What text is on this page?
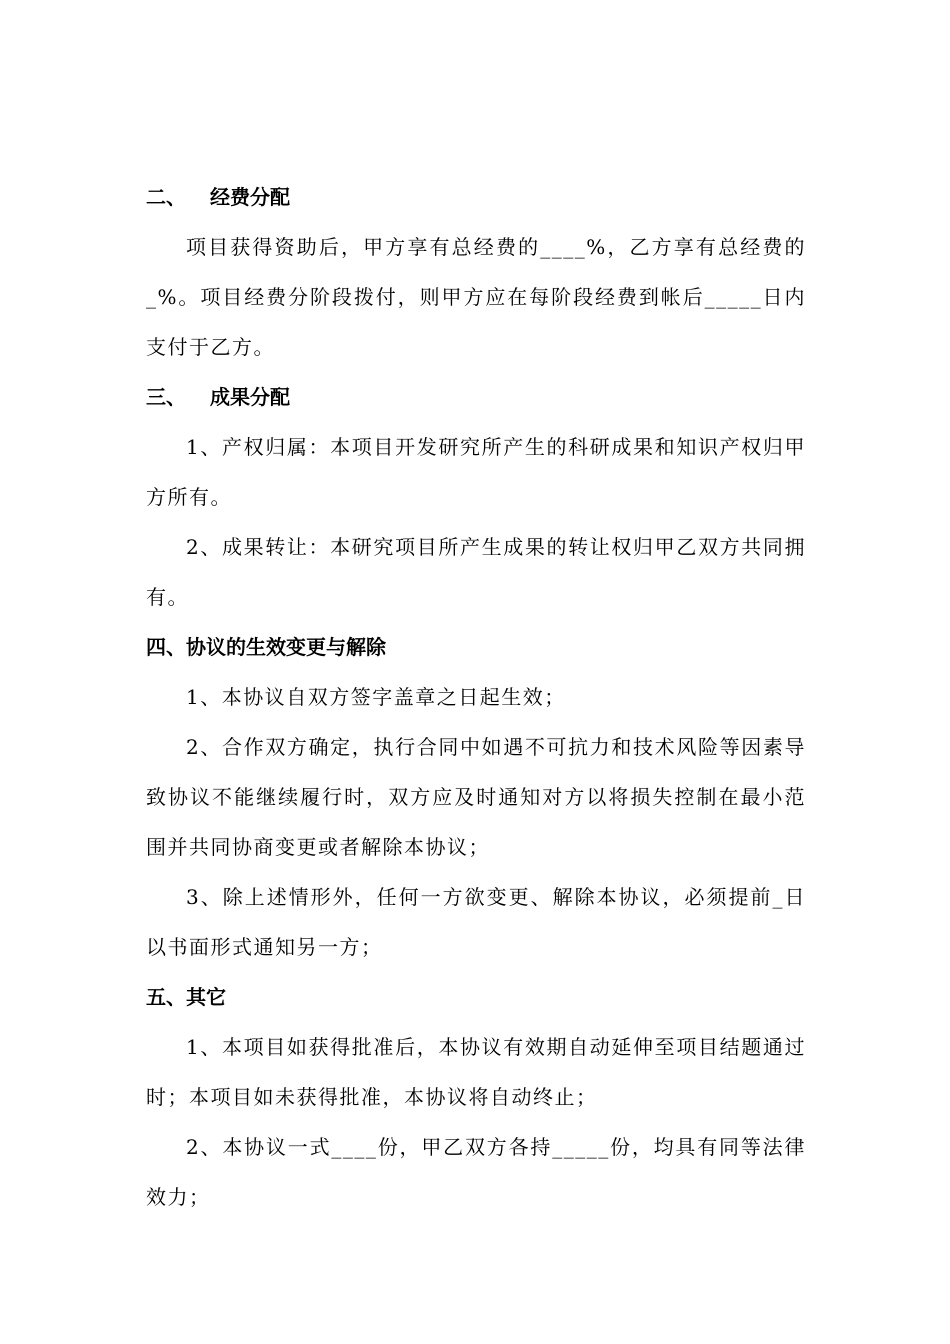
二、 经费分配

项目获得资助后，甲方享有总经费的____%，乙方享有总经费的_%。项目经费分阶段拨付，则甲方应在每阶段经费到帐后_____日内支付于乙方。

三、 成果分配

1、产权归属：本项目开发研究所产生的科研成果和知识产权归甲方所有。

2、成果转让：本研究项目所产生成果的转让权归甲乙双方共同拥有。

四、协议的生效变更与解除

1、本协议自双方签字盖章之日起生效；

2、合作双方确定，执行合同中如遇不可抗力和技术风险等因素导致协议不能继续履行时，双方应及时通知对方以将损失控制在最小范围并共同协商变更或者解除本协议；

3、除上述情形外，任何一方欲变更、解除本协议，必须提前_日以书面形式通知另一方；

五、其它

1、本项目如获得批准后，本协议有效期自动延伸至项目结题通过时；本项目如未获得批准，本协议将自动终止；

2、本协议一式____份，甲乙双方各持_____份，均具有同等法律效力；
